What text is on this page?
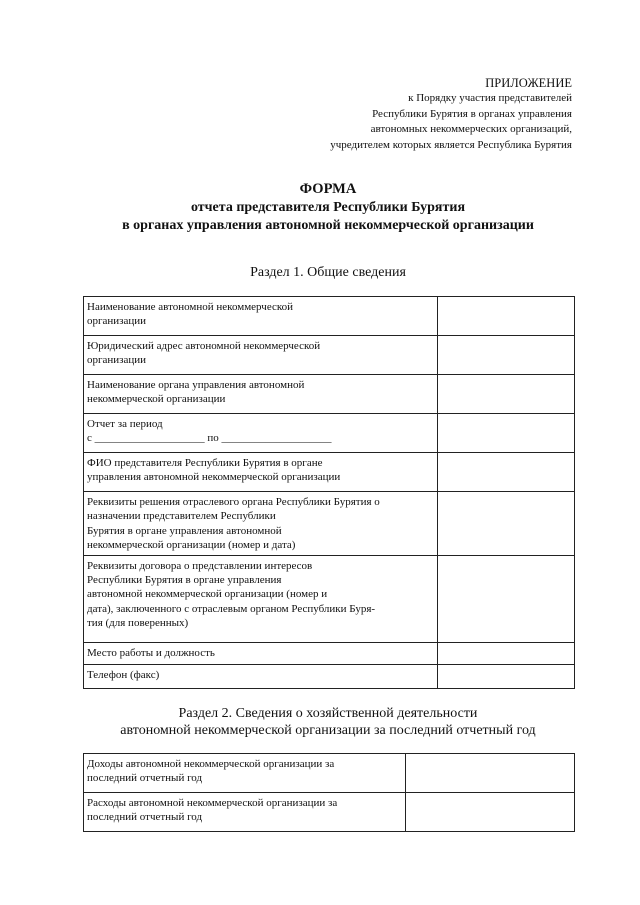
ПРИЛОЖЕНИЕ
к Порядку участия представителей
Республики Бурятия в органах управления
автономных некоммерческих организаций,
учредителем которых является Республика Бурятия
ФОРМА
отчета представителя Республики Бурятия
в органах управления автономной некоммерческой организации
Раздел 1. Общие сведения
Наименование автономной некоммерческой
организации	

Юридический адрес автономной некоммерческой
организации	

Наименование органа управления автономной
некоммерческой организации	

Отчет за период
с ____________________ по ____________________	

ФИО представителя Республики Бурятия в органе
управления автономной некоммерческой организации	

Реквизиты решения отраслевого органа Республики Бурятия о
назначении представителем Республики
Бурятия в органе управления автономной
некоммерческой организации (номер и дата)	

Реквизиты договора о представлении интересов
Республики Бурятия в органе управления
автономной некоммерческой организации (номер и
дата), заключенного с отраслевым органом Республики Буря-
тия (для поверенных)	

Место работы и должность	

Телефон (факс)	

Раздел 2. Сведения о хозяйственной деятельности
автономной некоммерческой организации за последний отчетный год
Доходы автономной некоммерческой организации за
последний отчетный год	

Расходы автономной некоммерческой организации за
последний отчетный год	
